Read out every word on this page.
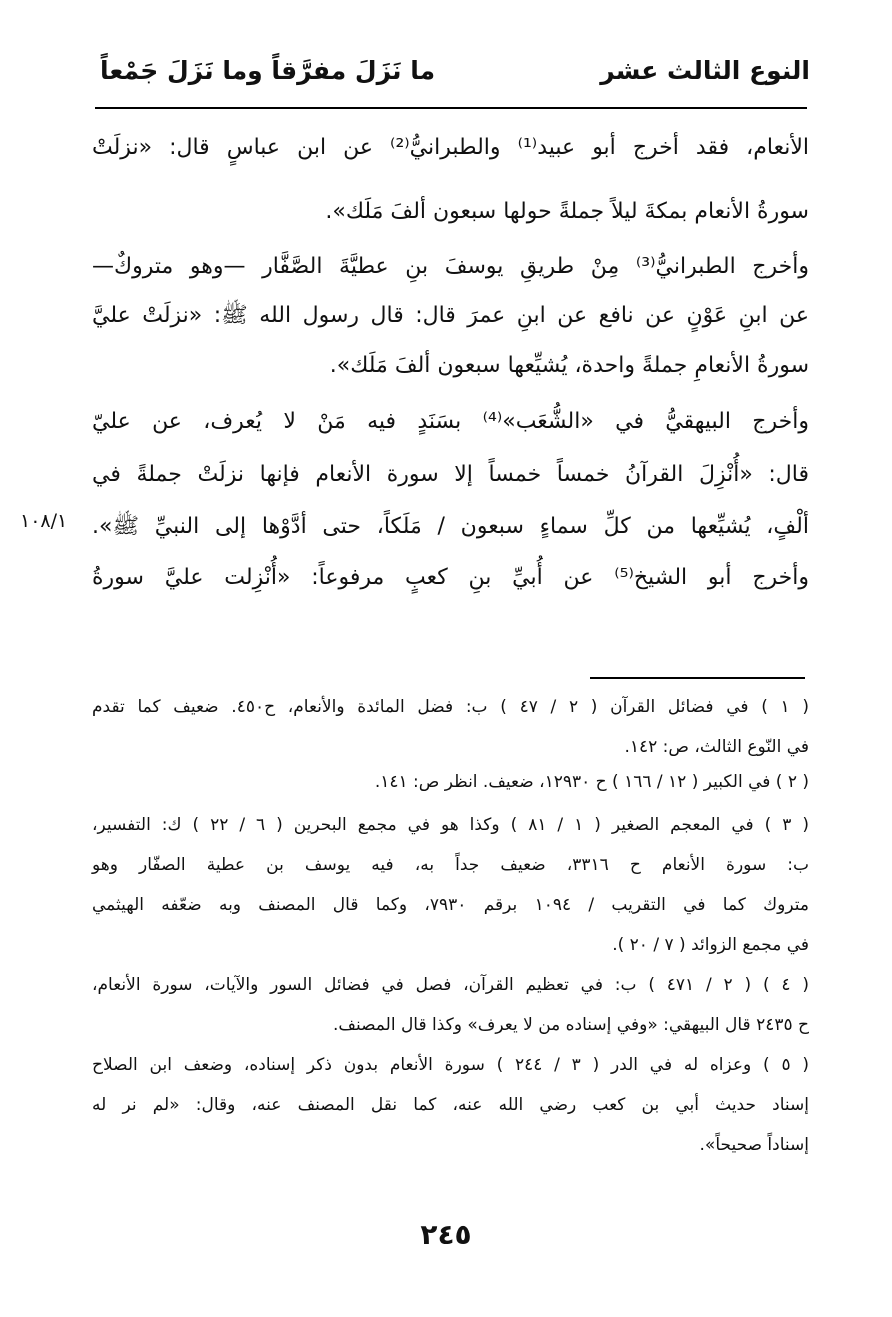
النوع الثالث عشر
ما نَزَلَ مفرَّقاً وما نَزَلَ جَمْعاً
الأنعام، فقد أخرج أبو عبيد⁽¹⁾ والطبرانيُّ⁽²⁾ عن ابن عباسٍ قال: «نزلَتْ
سورةُ الأنعام بمكةَ ليلاً جملةً حولها سبعون ألفَ مَلَك».
وأخرج الطبرانيُّ⁽³⁾ مِنْ طريقِ يوسفَ بنِ عطيَّةَ الصَّفَّار —وهو متروكٌ—
عن ابنِ عَوْنٍ عن نافع عن ابنِ عمرَ قال: قال رسول الله ﷺ: «نزلَتْ عليَّ
سورةُ الأنعامِ جملةً واحدة، يُشيِّعها سبعون ألفَ مَلَك».
وأخرج البيهقيُّ في «الشُّعَب»⁽⁴⁾ بسَنَدٍ فيه مَنْ لا يُعرف، عن عليّ
قال: «أُنْزِلَ القرآنُ خمساً خمساً إلا سورة الأنعام فإنها نزلَتْ جملةً في
ألْفٍ، يُشيِّعها من كلِّ سماءٍ سبعون / مَلَكاً، حتى أدَّوْها إلى النبيِّ ﷺ».
وأخرج أبو الشيخ⁽⁵⁾ عن أُبيِّ بنِ كعبٍ مرفوعاً: «أُنْزِلت عليَّ سورةُ
١٠٨/١
( ١ ) في فضائل القرآن ( ٢ / ٤٧ ) ب: فضل المائدة والأنعام، ح٤٥٠. ضعيف كما تقدم
في النّوع الثالث، ص: ١٤٢.
( ٢ ) في الكبير ( ١٢ / ١٦٦ ) ح ١٢٩٣٠، ضعيف. انظر ص: ١٤١.
( ٣ ) في المعجم الصغير ( ١ / ٨١ ) وكذا هو في مجمع البحرين ( ٦ / ٢٢ ) ك: التفسير،
ب: سورة الأنعام ح ٣٣١٦، ضعيف جداً به، فيه يوسف بن عطية الصفّار وهو
متروك كما في التقريب / ١٠٩٤ برقم ٧٩٣٠، وكما قال المصنف وبه ضعّفه الهيثمي
في مجمع الزوائد ( ٧ / ٢٠ ).
( ٤ ) ( ٢ / ٤٧١ ) ب: في تعظيم القرآن، فصل في فضائل السور والآيات، سورة الأنعام،
ح ٢٤٣٥ قال البيهقي: «وفي إسناده من لا يعرف» وكذا قال المصنف.
( ٥ ) وعزاه له في الدر ( ٣ / ٢٤٤ ) سورة الأنعام بدون ذكر إسناده، وضعف ابن الصلاح
إسناد حديث أبي بن كعب رضي الله عنه، كما نقل المصنف عنه، وقال: «لم نر له
إسناداً صحيحاً».
٢٤٥
